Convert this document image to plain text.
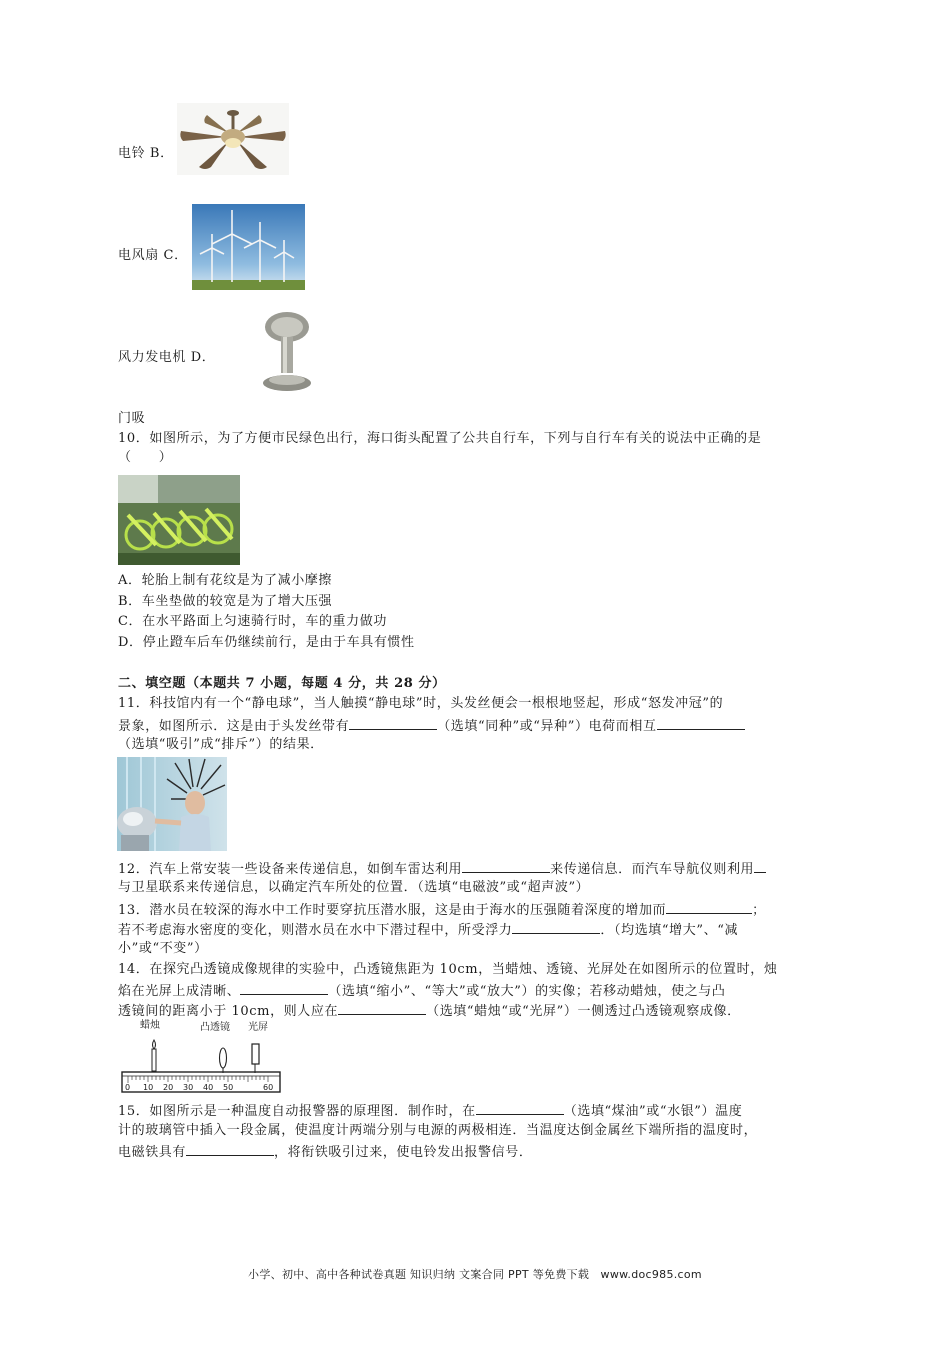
电铃 B．
电风扇 C．
风力发电机 D．
门吸
10．如图所示，为了方便市民绿色出行，海口街头配置了公共自行车，下列与自行车有关的说法中正确的是
（　　）
A．轮胎上制有花纹是为了减小摩擦
B．车坐垫做的较宽是为了增大压强
C．在水平路面上匀速骑行时，车的重力做功
D．停止蹬车后车仍继续前行，是由于车具有惯性
二、填空题（本题共 7 小题，每题 4 分，共 28 分）
11．科技馆内有一个“静电球”，当人触摸“静电球”时，头发丝便会一根根地竖起，形成“怒发冲冠”的
景象，如图所示．这是由于头发丝带有	（选填“同种”或“异种”）电荷而相互
（选填“吸引”成“排斥”）的结果．
12．汽车上常安装一些设备来传递信息，如倒车雷达利用	来传递信息．而汽车导航仪则利用
与卫星联系来传递信息，以确定汽车所处的位置．（选填“电磁波”或“超声波”）
13．潜水员在较深的海水中工作时要穿抗压潜水服，这是由于海水的压强随着深度的增加而	；
若不考虑海水密度的变化，则潜水员在水中下潜过程中，所受浮力	．（均选填“增大”、“减
小”或“不变”）
14．在探究凸透镜成像规律的实验中，凸透镜焦距为 10cm，当蜡烛、透镜、光屏处在如图所示的位置时，烛
焰在光屏上成清晰、	（选填“缩小”、“等大”或“放大”）的实像；若移动蜡烛，使之与凸
透镜间的距离小于 10cm，则人应在	（选填“蜡烛“或“光屏”）一侧透过凸透镜观察成像．
蜡烛	凸透镜 光屏
0 10 20 30 40 50	60
15．如图所示是一种温度自动报警器的原理图．制作时，在	（选填“煤油”或“水银”）温度
计的玻璃管中插入一段金属，使温度计两端分别与电源的两极相连．当温度达倒金属丝下端所指的温度时，
电磁铁具有	，将衔铁吸引过来，使电铃发出报警信号．
小学、初中、高中各种试卷真题 知识归纳 文案合同 PPT 等免费下载　www.doc985.com
